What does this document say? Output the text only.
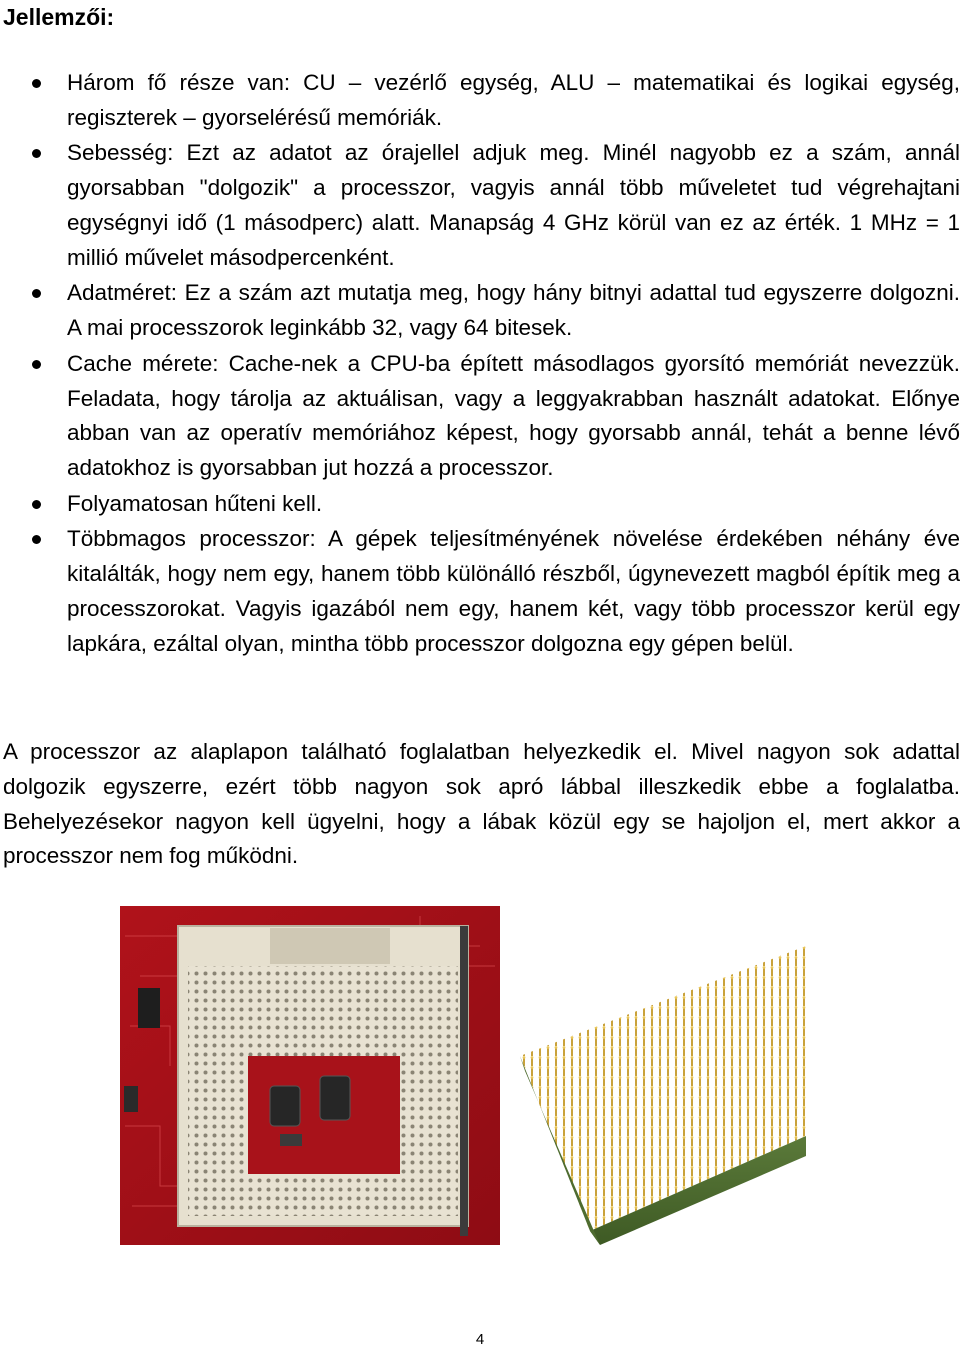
Jellemzői:
Három fő része van: CU – vezérlő egység, ALU – matematikai és logikai egység, regiszterek – gyorselérésű memóriák.
Sebesség: Ezt az adatot az órajellel adjuk meg. Minél nagyobb ez a szám, annál gyorsabban "dolgozik" a processzor, vagyis annál több műveletet tud végrehajtani egységnyi idő (1 másodperc) alatt. Manapság 4 GHz körül van ez az érték. 1 MHz = 1 millió művelet másodpercenként.
Adatméret: Ez a szám azt mutatja meg, hogy hány bitnyi adattal tud egyszerre dolgozni. A mai processzorok leginkább 32, vagy 64 bitesek.
Cache mérete: Cache-nek a CPU-ba épített másodlagos gyorsító memóriát nevezzük. Feladata, hogy tárolja az aktuálisan, vagy a leggyakrabban használt adatokat. Előnye abban van az operatív memóriához képest, hogy gyorsabb annál, tehát a benne lévő adatokhoz is gyorsabban jut hozzá a processzor.
Folyamatosan hűteni kell.
Többmagos processzor: A gépek teljesítményének növelése érdekében néhány éve kitalálták, hogy nem egy, hanem több különálló részből, úgynevezett magból építik meg a processzorokat. Vagyis igazából nem egy, hanem két, vagy több processzor kerül egy lapkára, ezáltal olyan, mintha több processzor dolgozna egy gépen belül.

A processzor az alaplapon található foglalatban helyezkedik el. Mivel nagyon sok adattal dolgozik egyszerre, ezért több nagyon sok apró lábbal illeszkedik ebbe a foglalatba. Behelyezésekor nagyon kell ügyelni, hogy a lábak közül egy se hajoljon el, mert akkor a processzor nem fog működni.

4
